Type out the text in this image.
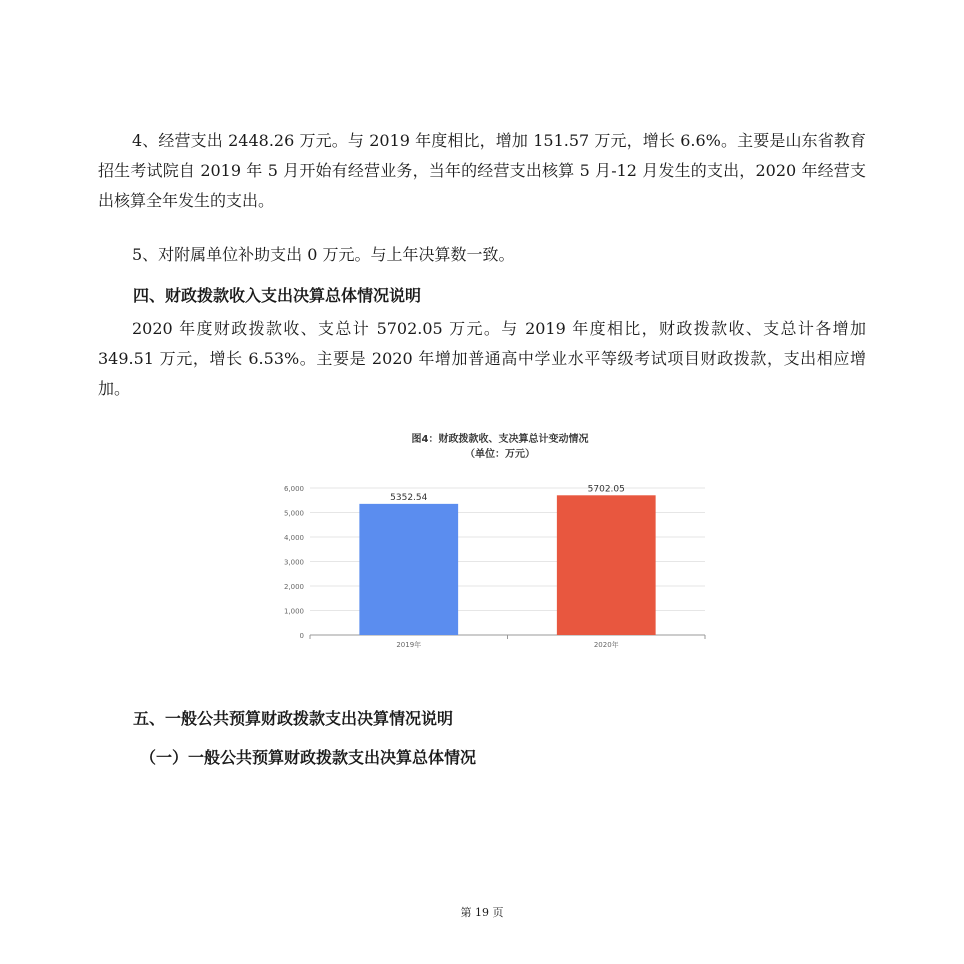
4、经营支出 2448.26 万元。与 2019 年度相比，增加 151.57 万元，增长 6.6%。主要是山东省教育招生考试院自 2019 年 5 月开始有经营业务，当年的经营支出核算 5 月-12 月发生的支出，2020 年经营支出核算全年发生的支出。

5、对附属单位补助支出 0 万元。与上年决算数一致。

四、财政拨款收入支出决算总体情况说明

2020 年度财政拨款收、支总计 5702.05 万元。与 2019 年度相比，财政拨款收、支总计各增加 349.51 万元，增长 6.53%。主要是 2020 年增加普通高中学业水平等级考试项目财政拨款，支出相应增加。

图4：财政拨款收、支决算总计变动情况
（单位：万元）
0
1,000
2,000
3,000
4,000
5,000
6,000
5352.54
2019年
5702.05
2020年

五、一般公共预算财政拨款支出决算情况说明

（一）一般公共预算财政拨款支出决算总体情况

第 19 页
